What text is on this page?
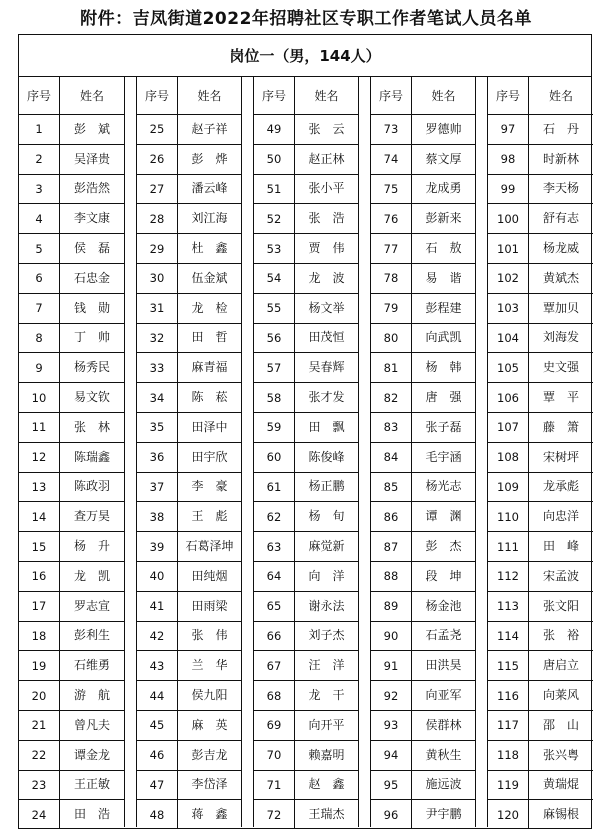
附件：吉凤街道2022年招聘社区专职工作者笔试人员名单
岗位一（男，144人）
序号	姓名
1	彭　斌
2	吴泽贵
3	彭浩然
4	李文康
5	侯　磊
6	石忠金
7	钱　勋
8	丁　帅
9	杨秀民
10	易文钦
11	张　林
12	陈瑞鑫
13	陈政羽
14	查万昊
15	杨　升
16	龙　凯
17	罗志宣
18	彭利生
19	石维勇
20	游　航
21	曾凡夫
22	谭金龙
23	王正敏
24	田　浩
序号	姓名
25	赵子祥
26	彭　烨
27	潘云峰
28	刘江海
29	杜　鑫
30	伍金斌
31	龙　检
32	田　哲
33	麻青福
34	陈　菘
35	田泽中
36	田宇欣
37	李　豪
38	王　彪
39	石葛泽坤
40	田纯烟
41	田雨梁
42	张　伟
43	兰　华
44	侯九阳
45	麻　英
46	彭吉龙
47	李岱泽
48	蒋　鑫
序号	姓名
49	张　云
50	赵正林
51	张小平
52	张　浩
53	贾　伟
54	龙　波
55	杨文举
56	田茂恒
57	吴春辉
58	张才发
59	田　飘
60	陈俊峰
61	杨正鹏
62	杨　旬
63	麻觉新
64	向　洋
65	谢永法
66	刘子杰
67	汪　洋
68	龙　干
69	向开平
70	赖嘉明
71	赵　鑫
72	王瑞杰
序号	姓名
73	罗德帅
74	蔡文厚
75	龙成勇
76	彭新来
77	石　敖
78	易　谐
79	彭程建
80	向武凯
81	杨　韩
82	唐　强
83	张子磊
84	毛宇涵
85	杨光志
86	谭　渊
87	彭　杰
88	段　坤
89	杨金池
90	石孟尧
91	田洪昊
92	向亚军
93	侯群林
94	黄秋生
95	施远波
96	尹宇鹏
序号	姓名
97	石　丹
98	时新林
99	李天杨
100	舒有志
101	杨龙威
102	黄斌杰
103	覃加贝
104	刘海发
105	史文强
106	覃　平
107	藤　箫
108	宋树坪
109	龙承彪
110	向忠洋
111	田　峰
112	宋孟波
113	张文阳
114	张　裕
115	唐启立
116	向莱风
117	邵　山
118	张兴粤
119	黄瑞焜
120	麻锡根
